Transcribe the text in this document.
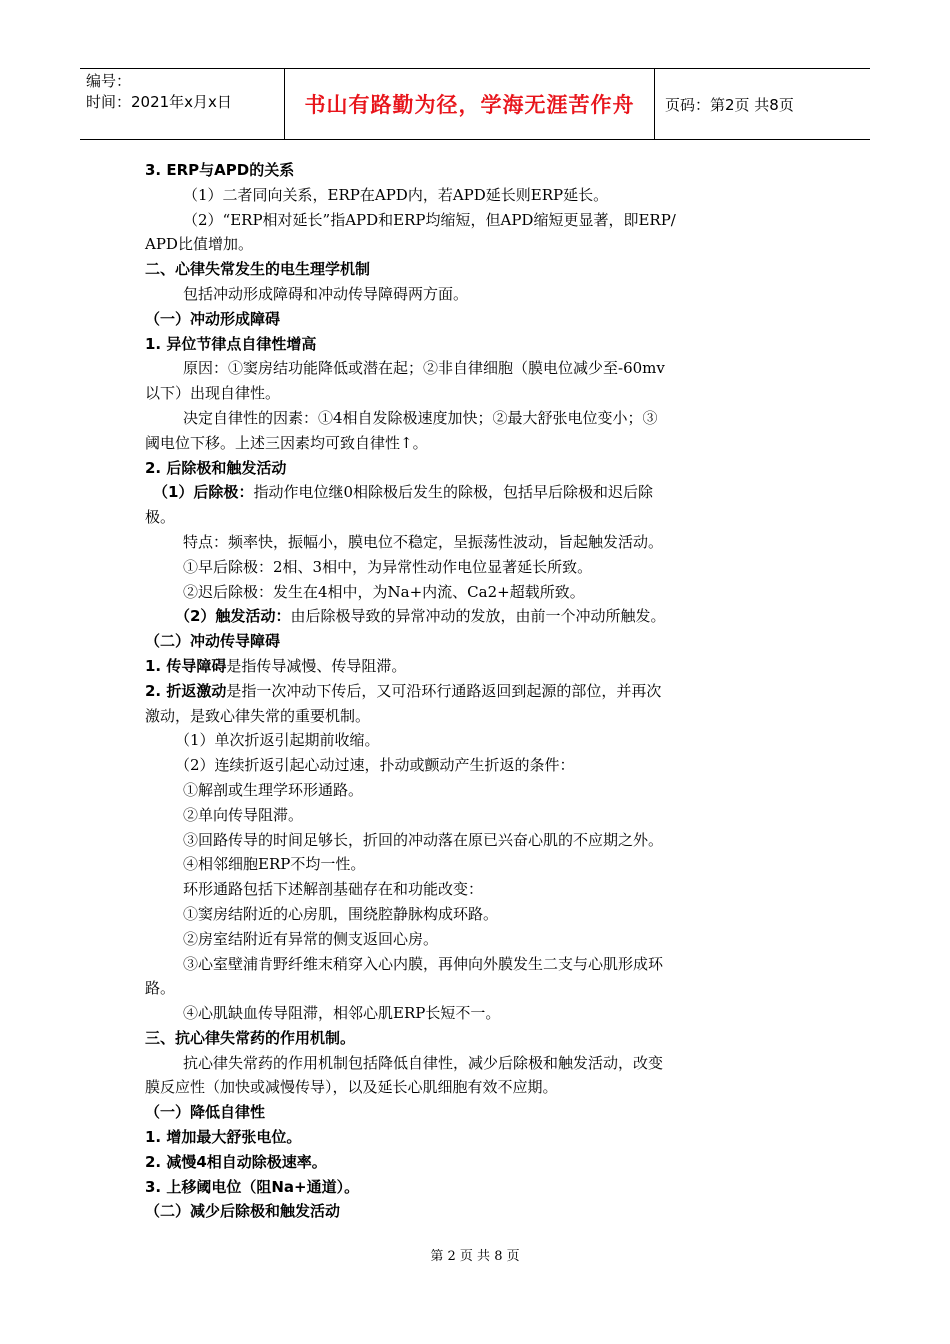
编号：
时间：2021年x月x日	书山有路勤为径，学海无涯苦作舟	页码：第2页 共8页
3. ERP与APD的关系
（1）二者同向关系，ERP在APD内，若APD延长则ERP延长。
（2）“ERP相对延长”指APD和ERP均缩短，但APD缩短更显著，即ERP/
APD比值增加。
二、心律失常发生的电生理学机制
包括冲动形成障碍和冲动传导障碍两方面。
（一）冲动形成障碍
1. 异位节律点自律性增高
原因：①窦房结功能降低或潜在起；②非自律细胞（膜电位减少至-60mv
以下）出现自律性。
决定自律性的因素：①4相自发除极速度加快；②最大舒张电位变小；③
阈电位下移。上述三因素均可致自律性↑。
2. 后除极和触发活动
（1）后除极：指动作电位继0相除极后发生的除极，包括早后除极和迟后除
极。
特点：频率快，振幅小，膜电位不稳定，呈振荡性波动，旨起触发活动。
①早后除极：2相、3相中，为异常性动作电位显著延长所致。
②迟后除极：发生在4相中，为Na+内流、Ca2+超载所致。
（2）触发活动：由后除极导致的异常冲动的发放，由前一个冲动所触发。
（二）冲动传导障碍
1. 传导障碍是指传导减慢、传导阻滞。
2. 折返激动是指一次冲动下传后，又可沿环行通路返回到起源的部位，并再次
激动，是致心律失常的重要机制。
（1）单次折返引起期前收缩。
（2）连续折返引起心动过速，扑动或颤动产生折返的条件：
①解剖或生理学环形通路。
②单向传导阻滞。
③回路传导的时间足够长，折回的冲动落在原已兴奋心肌的不应期之外。
④相邻细胞ERP不均一性。
环形通路包括下述解剖基础存在和功能改变：
①窦房结附近的心房肌，围绕腔静脉构成环路。
②房室结附近有异常的侧支返回心房。
③心室壁浦肯野纤维末稍穿入心内膜，再伸向外膜发生二支与心肌形成环
路。
④心肌缺血传导阻滞，相邻心肌ERP长短不一。
三、抗心律失常药的作用机制。
抗心律失常药的作用机制包括降低自律性，减少后除极和触发活动，改变
膜反应性（加快或减慢传导），以及延长心肌细胞有效不应期。
（一）降低自律性
1. 增加最大舒张电位。
2. 减慢4相自动除极速率。
3. 上移阈电位（阻Na+通道）。
（二）减少后除极和触发活动
第 2 页 共 8 页
